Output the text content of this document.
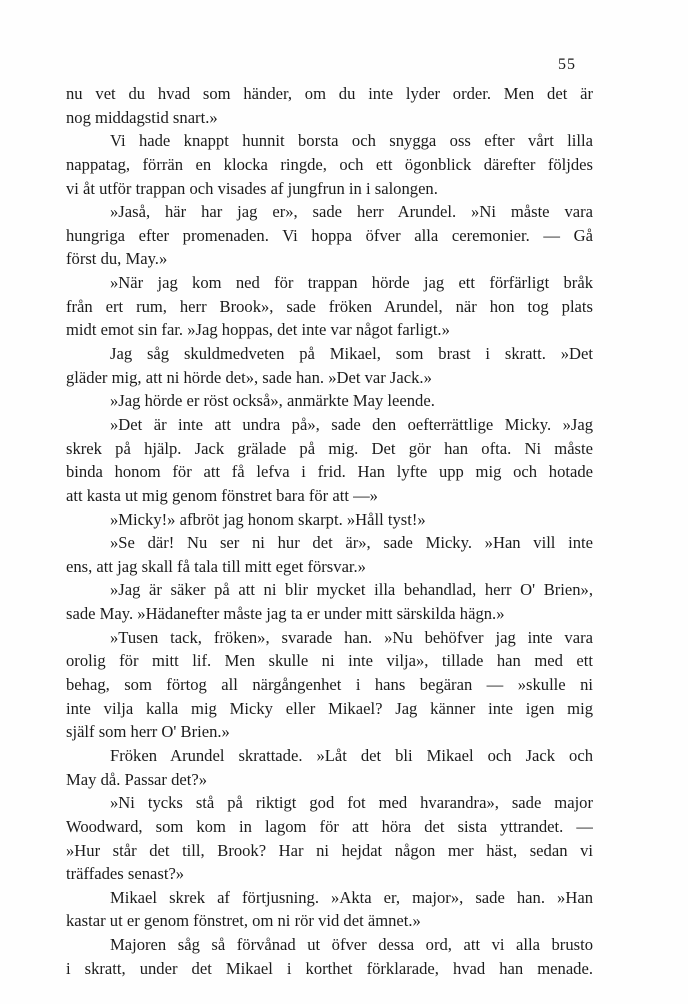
55
nu vet du hvad som händer, om du inte lyder order. Men det är
nog middagstid snart.»
Vi hade knappt hunnit borsta och snygga oss efter vårt lilla
nappatag, förrän en klocka ringde, och ett ögonblick därefter följdes
vi åt utför trappan och visades af jungfrun in i salongen.
»Jaså, här har jag er», sade herr Arundel. »Ni måste vara
hungriga efter promenaden. Vi hoppa öfver alla ceremonier. — Gå
först du, May.»
»När jag kom ned för trappan hörde jag ett förfärligt bråk
från ert rum, herr Brook», sade fröken Arundel, när hon tog plats
midt emot sin far. »Jag hoppas, det inte var något farligt.»
Jag såg skuldmedveten på Mikael, som brast i skratt. »Det
gläder mig, att ni hörde det», sade han. »Det var Jack.»
»Jag hörde er röst också», anmärkte May leende.
»Det är inte att undra på», sade den oefterrättlige Micky. »Jag
skrek på hjälp. Jack grälade på mig. Det gör han ofta. Ni måste
binda honom för att få lefva i frid. Han lyfte upp mig och hotade
att kasta ut mig genom fönstret bara för att —»
»Micky!» afbröt jag honom skarpt. »Håll tyst!»
»Se där! Nu ser ni hur det är», sade Micky. »Han vill inte
ens, att jag skall få tala till mitt eget försvar.»
»Jag är säker på att ni blir mycket illa behandlad, herr O' Brien»,
sade May. »Hädanefter måste jag ta er under mitt särskilda hägn.»
»Tusen tack, fröken», svarade han. »Nu behöfver jag inte vara
orolig för mitt lif. Men skulle ni inte vilja», tillade han med ett
behag, som förtog all närgångenhet i hans begäran — »skulle ni
inte vilja kalla mig Micky eller Mikael? Jag känner inte igen mig
själf som herr O' Brien.»
Fröken Arundel skrattade. »Låt det bli Mikael och Jack och
May då. Passar det?»
»Ni tycks stå på riktigt god fot med hvarandra», sade major
Woodward, som kom in lagom för att höra det sista yttrandet. —
»Hur står det till, Brook? Har ni hejdat någon mer häst, sedan vi
träffades senast?»
Mikael skrek af förtjusning. »Akta er, major», sade han. »Han
kastar ut er genom fönstret, om ni rör vid det ämnet.»
Majoren såg så förvånad ut öfver dessa ord, att vi alla brusto
i skratt, under det Mikael i korthet förklarade, hvad han menade.
